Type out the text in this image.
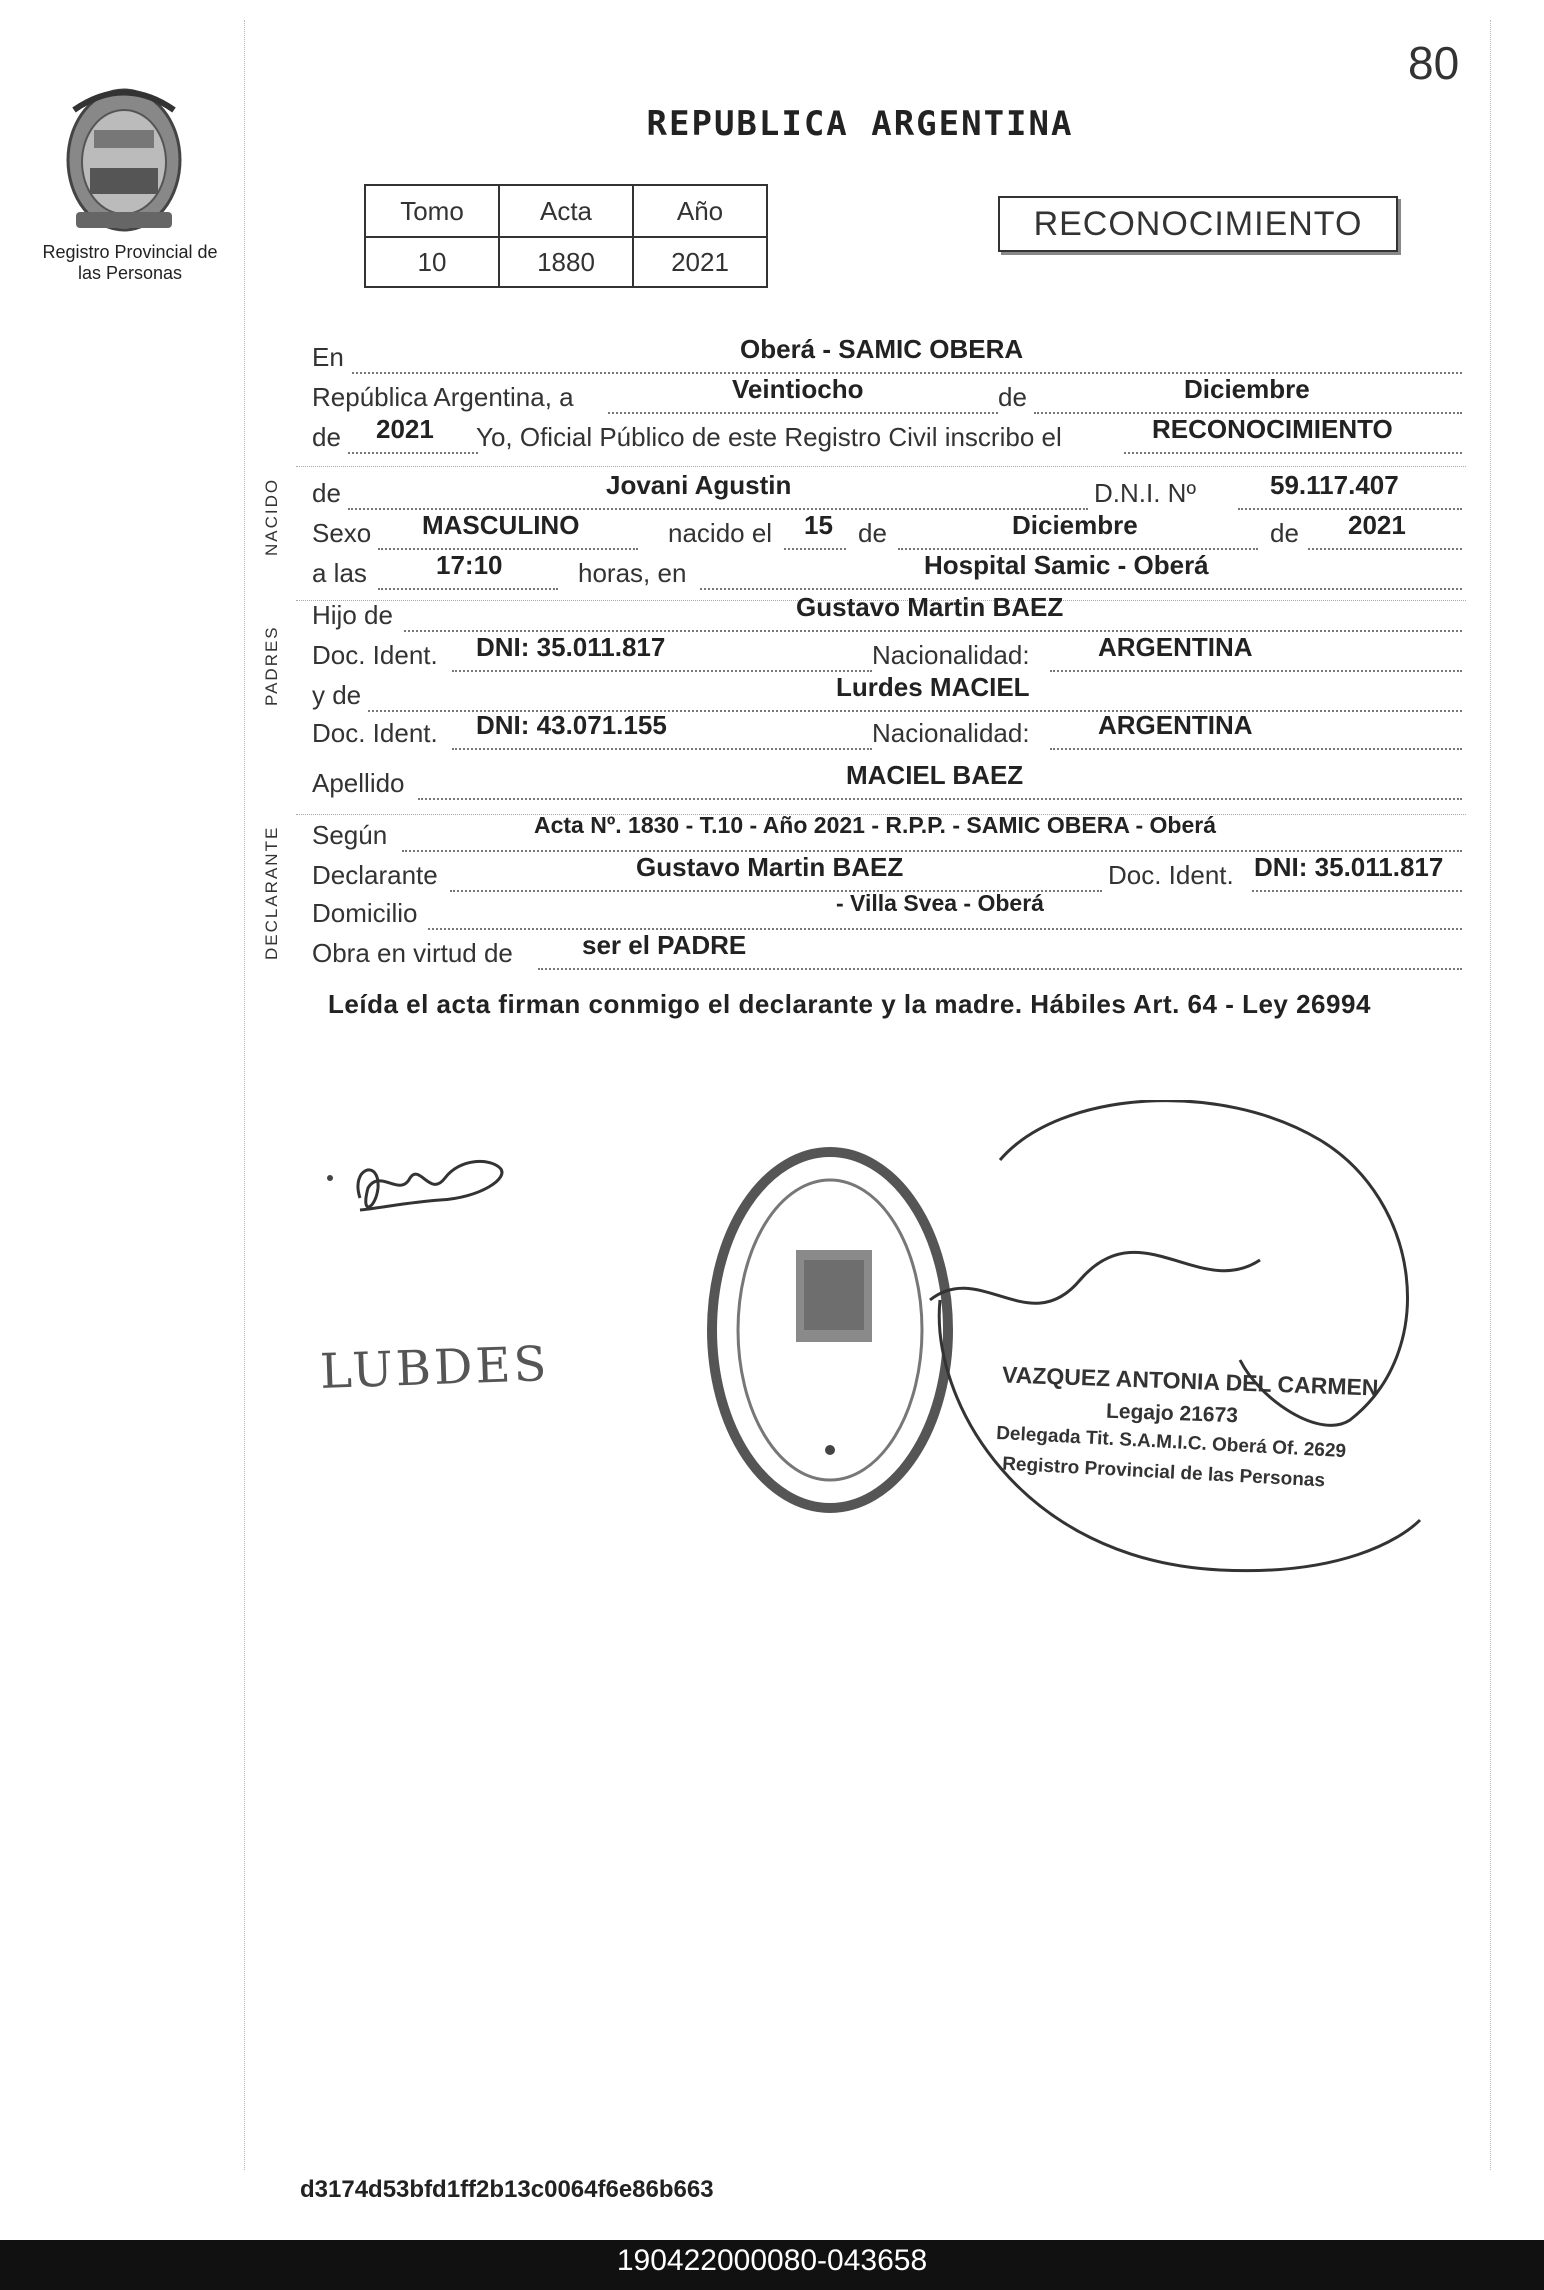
80
Registro Provincial de las Personas
REPUBLICA ARGENTINA
Tomo	Acta	Año
10	1880	2021
RECONOCIMIENTO
En	Oberá - SAMIC OBERA
República Argentina, a	Veintiocho	de	Diciembre
de 2021 Yo, Oficial Público de este Registro Civil inscribo el	RECONOCIMIENTO
NACIDO de	Jovani Agustin	D.N.I. Nº	59.117.407
Sexo MASCULINO	nacido el 15 de	Diciembre	de 2021
a las	17:10	horas, en	Hospital Samic - Oberá
PADRES
Hijo de	Gustavo Martin BAEZ
Doc. Ident. DNI: 35.011.817	Nacionalidad:	ARGENTINA
y de	Lurdes MACIEL
Doc. Ident. DNI: 43.071.155	Nacionalidad:	ARGENTINA
Apellido	MACIEL BAEZ
DECLARANTE Según	Acta Nº. 1830 - T.10 - Año 2021 - R.P.P. - SAMIC OBERA - Oberá
Declarante	Gustavo Martin BAEZ	Doc. Ident. DNI: 35.011.817
Domicilio	- Villa Svea - Oberá
Obra en virtud de	ser el PADRE
Leída el acta firman conmigo el declarante y la madre. Hábiles Art. 64 - Ley 26994
LUBDES	VAZQUEZ ANTONIA DEL CARMEN
Legajo 21673
Delegada Tit. S.A.M.I.C. Oberá Of. 2629
Registro Provincial de las Personas
d3174d53bfd1ff2b13c0064f6e86b663
190422000080-043658
